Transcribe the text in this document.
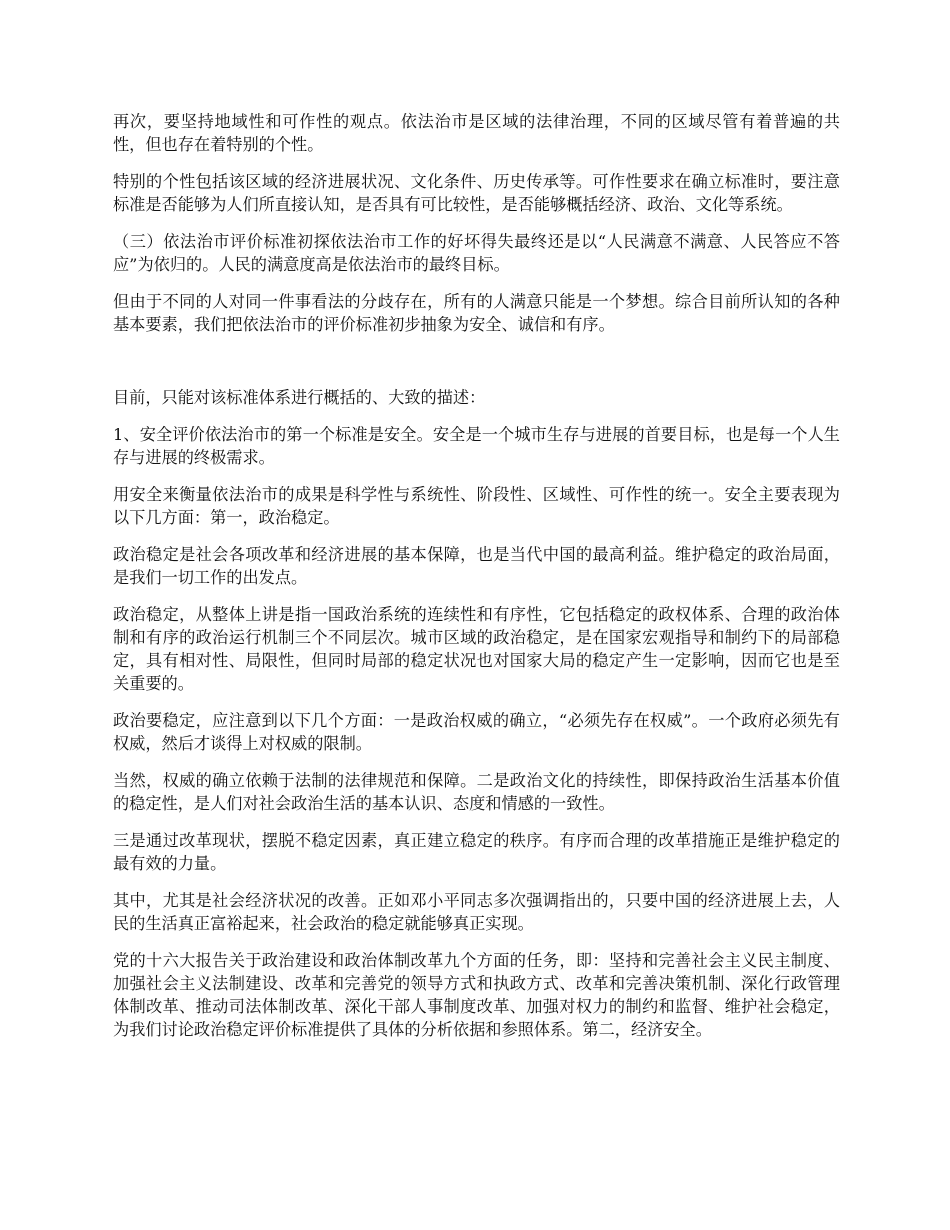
再次，要坚持地域性和可作性的观点。依法治市是区域的法律治理，不同的区域尽管有着普遍的共性，但也存在着特别的个性。

特别的个性包括该区域的经济进展状况、文化条件、历史传承等。可作性要求在确立标准时，要注意标准是否能够为人们所直接认知，是否具有可比较性，是否能够概括经济、政治、文化等系统。

（三）依法治市评价标准初探依法治市工作的好坏得失最终还是以“人民满意不满意、人民答应不答应”为依归的。人民的满意度高是依法治市的最终目标。

但由于不同的人对同一件事看法的分歧存在，所有的人满意只能是一个梦想。综合目前所认知的各种基本要素，我们把依法治市的评价标准初步抽象为安全、诚信和有序。

目前，只能对该标准体系进行概括的、大致的描述：

1、安全评价依法治市的第一个标准是安全。安全是一个城市生存与进展的首要目标，也是每一个人生存与进展的终极需求。

用安全来衡量依法治市的成果是科学性与系统性、阶段性、区域性、可作性的统一。安全主要表现为以下几方面：第一，政治稳定。

政治稳定是社会各项改革和经济进展的基本保障，也是当代中国的最高利益。维护稳定的政治局面，是我们一切工作的出发点。

政治稳定，从整体上讲是指一国政治系统的连续性和有序性，它包括稳定的政权体系、合理的政治体制和有序的政治运行机制三个不同层次。城市区域的政治稳定，是在国家宏观指导和制约下的局部稳定，具有相对性、局限性，但同时局部的稳定状况也对国家大局的稳定产生一定影响，因而它也是至关重要的。

政治要稳定，应注意到以下几个方面：一是政治权威的确立，“必须先存在权威”。一个政府必须先有权威，然后才谈得上对权威的限制。

当然，权威的确立依赖于法制的法律规范和保障。二是政治文化的持续性，即保持政治生活基本价值的稳定性，是人们对社会政治生活的基本认识、态度和情感的一致性。

三是通过改革现状，摆脱不稳定因素，真正建立稳定的秩序。有序而合理的改革措施正是维护稳定的最有效的力量。

其中，尤其是社会经济状况的改善。正如邓小平同志多次强调指出的，只要中国的经济进展上去，人民的生活真正富裕起来，社会政治的稳定就能够真正实现。

党的十六大报告关于政治建设和政治体制改革九个方面的任务，即：坚持和完善社会主义民主制度、加强社会主义法制建设、改革和完善党的领导方式和执政方式、改革和完善决策机制、深化行政管理体制改革、推动司法体制改革、深化干部人事制度改革、加强对权力的制约和监督、维护社会稳定，为我们讨论政治稳定评价标准提供了具体的分析依据和参照体系。第二，经济安全。
